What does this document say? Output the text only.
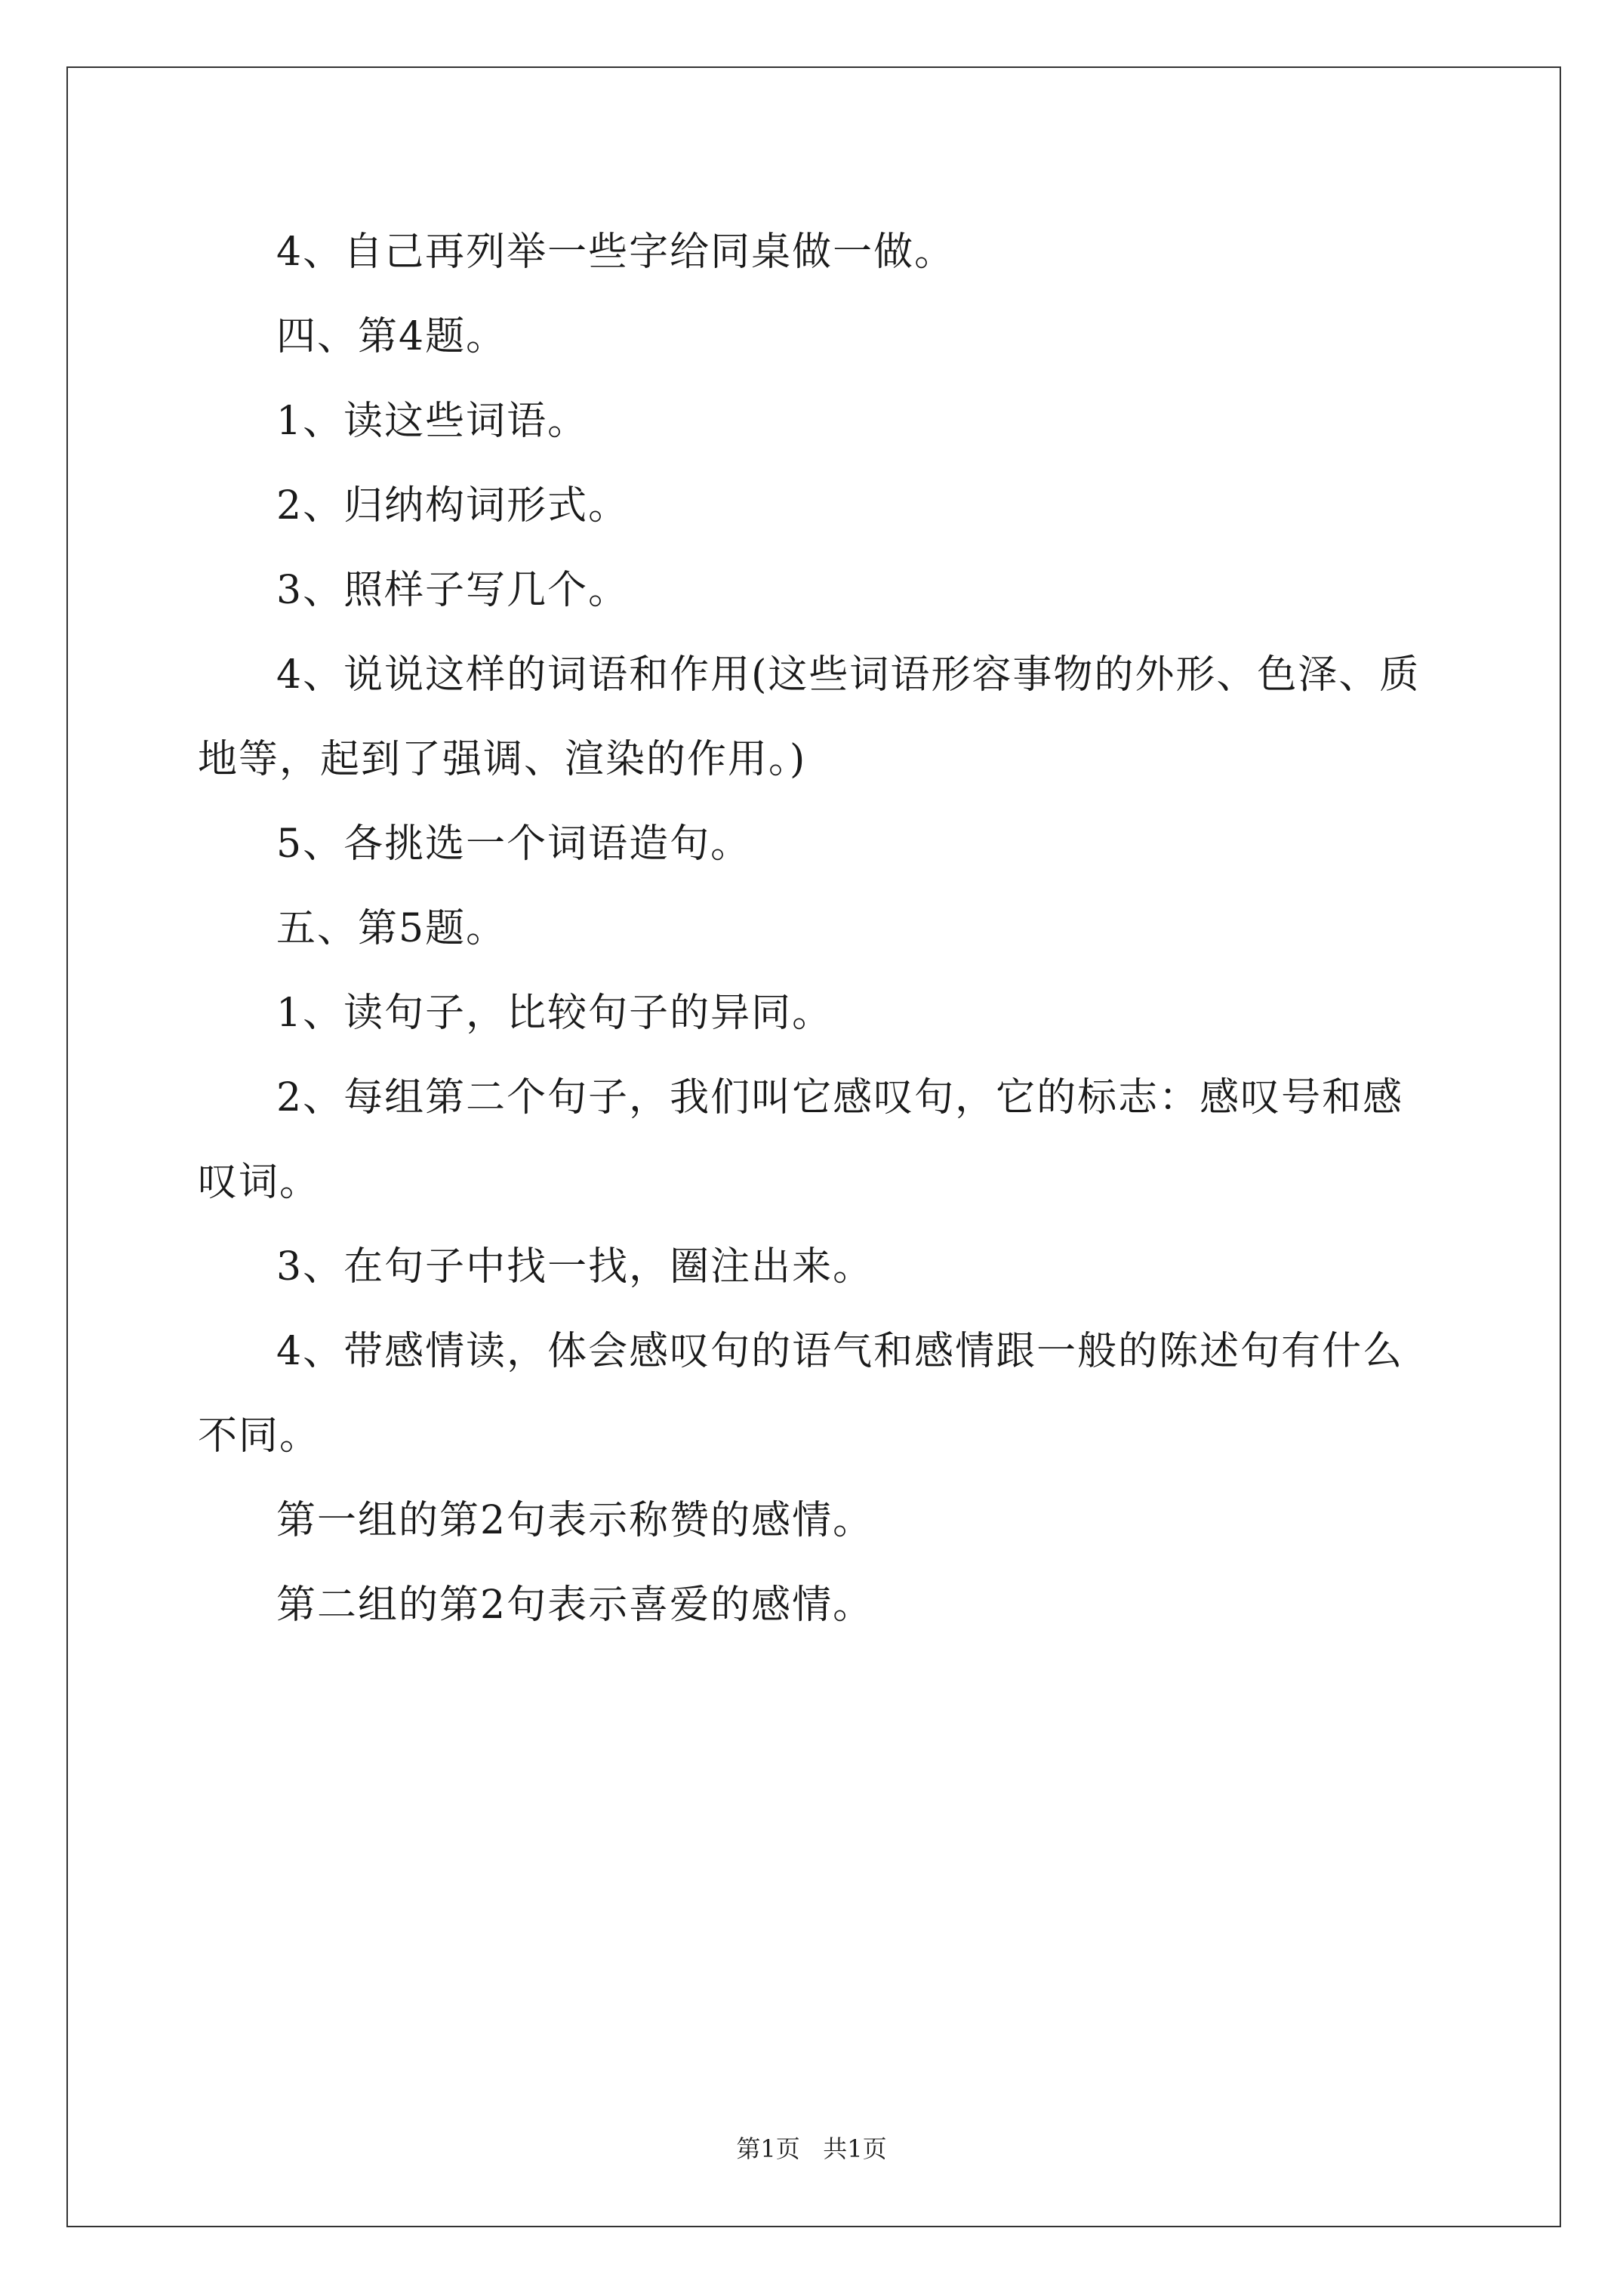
4、自己再列举一些字给同桌做一做。

四、第4题。

1、读这些词语。

2、归纳构词形式。

3、照样子写几个。

4、说说这样的词语和作用(这些词语形容事物的外形、色泽、质地等，起到了强调、渲染的作用。)

5、各挑选一个词语造句。

五、第5题。

1、读句子，比较句子的异同。

2、每组第二个句子，我们叫它感叹句，它的标志：感叹号和感叹词。

3、在句子中找一找，圈注出来。

4、带感情读，体会感叹句的语气和感情跟一般的陈述句有什么不同。

第一组的第2句表示称赞的感情。

第二组的第2句表示喜爱的感情。

第1页   共1页
